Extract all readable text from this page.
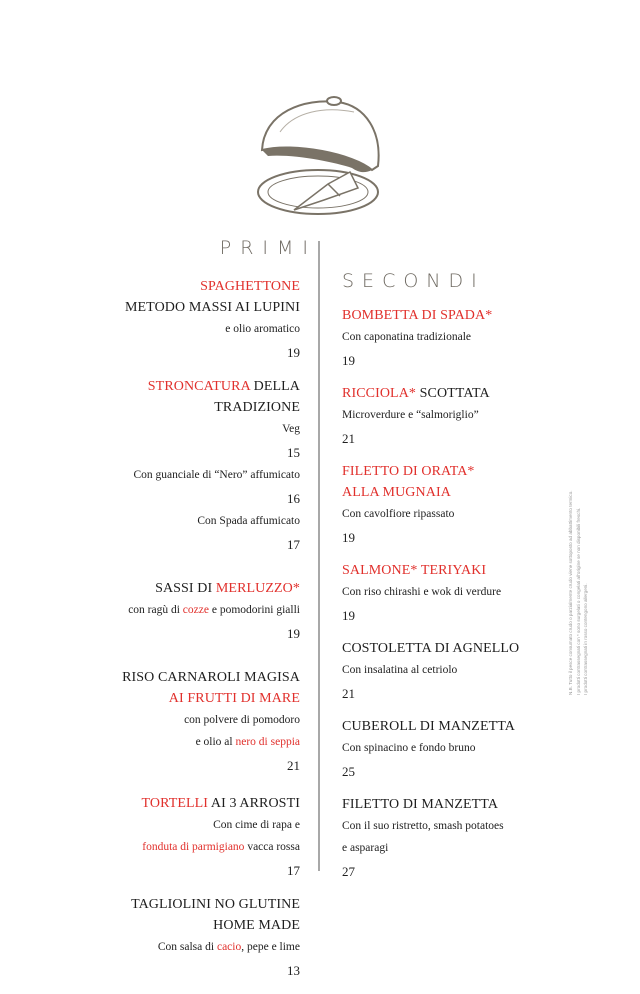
PRIMI
SECONDI
SPAGHETTONE
METODO MASSI AI LUPINI
e olio aromatico
19
STRONCATURA DELLA
TRADIZIONE
Veg
15
Con guanciale di “Nero” affumicato
16
Con Spada affumicato
17
SASSI DI MERLUZZO*
con ragù di cozze e pomodorini gialli
19
RISO CARNAROLI MAGISA
AI FRUTTI DI MARE
con polvere di pomodoro
e olio al nero di seppia
21
TORTELLI AI 3 ARROSTI
Con cime di rapa e
fonduta di parmigiano vacca rossa
17
TAGLIOLINI NO GLUTINE
HOME MADE
Con salsa di cacio, pepe e lime
13
BOMBETTA DI SPADA*
Con caponatina tradizionale
19
RICCIOLA* SCOTTATA
Microverdure e “salmoriglio”
21
FILETTO DI ORATA*
ALLA MUGNAIA
Con cavolfiore ripassato
19
SALMONE* TERIYAKI
Con riso chirashi e wok di verdure
19
COSTOLETTA DI AGNELLO
Con insalatina al cetriolo
21
CUBEROLL DI MANZETTA
Con spinacino e fondo bruno
25
FILETTO DI MANZETTA
Con il suo ristretto, smash potatoes
e asparagi
27
N.B. Tutto il pesce consumato crudo o parzialmente crudo viene sottoposto ad abbattimento termico. I prodotti contrassegnati con * sono surgelati o congelati all'origine se non disponibili freschi. I prodotti contrassegnati in rosso contengono allergeni.
